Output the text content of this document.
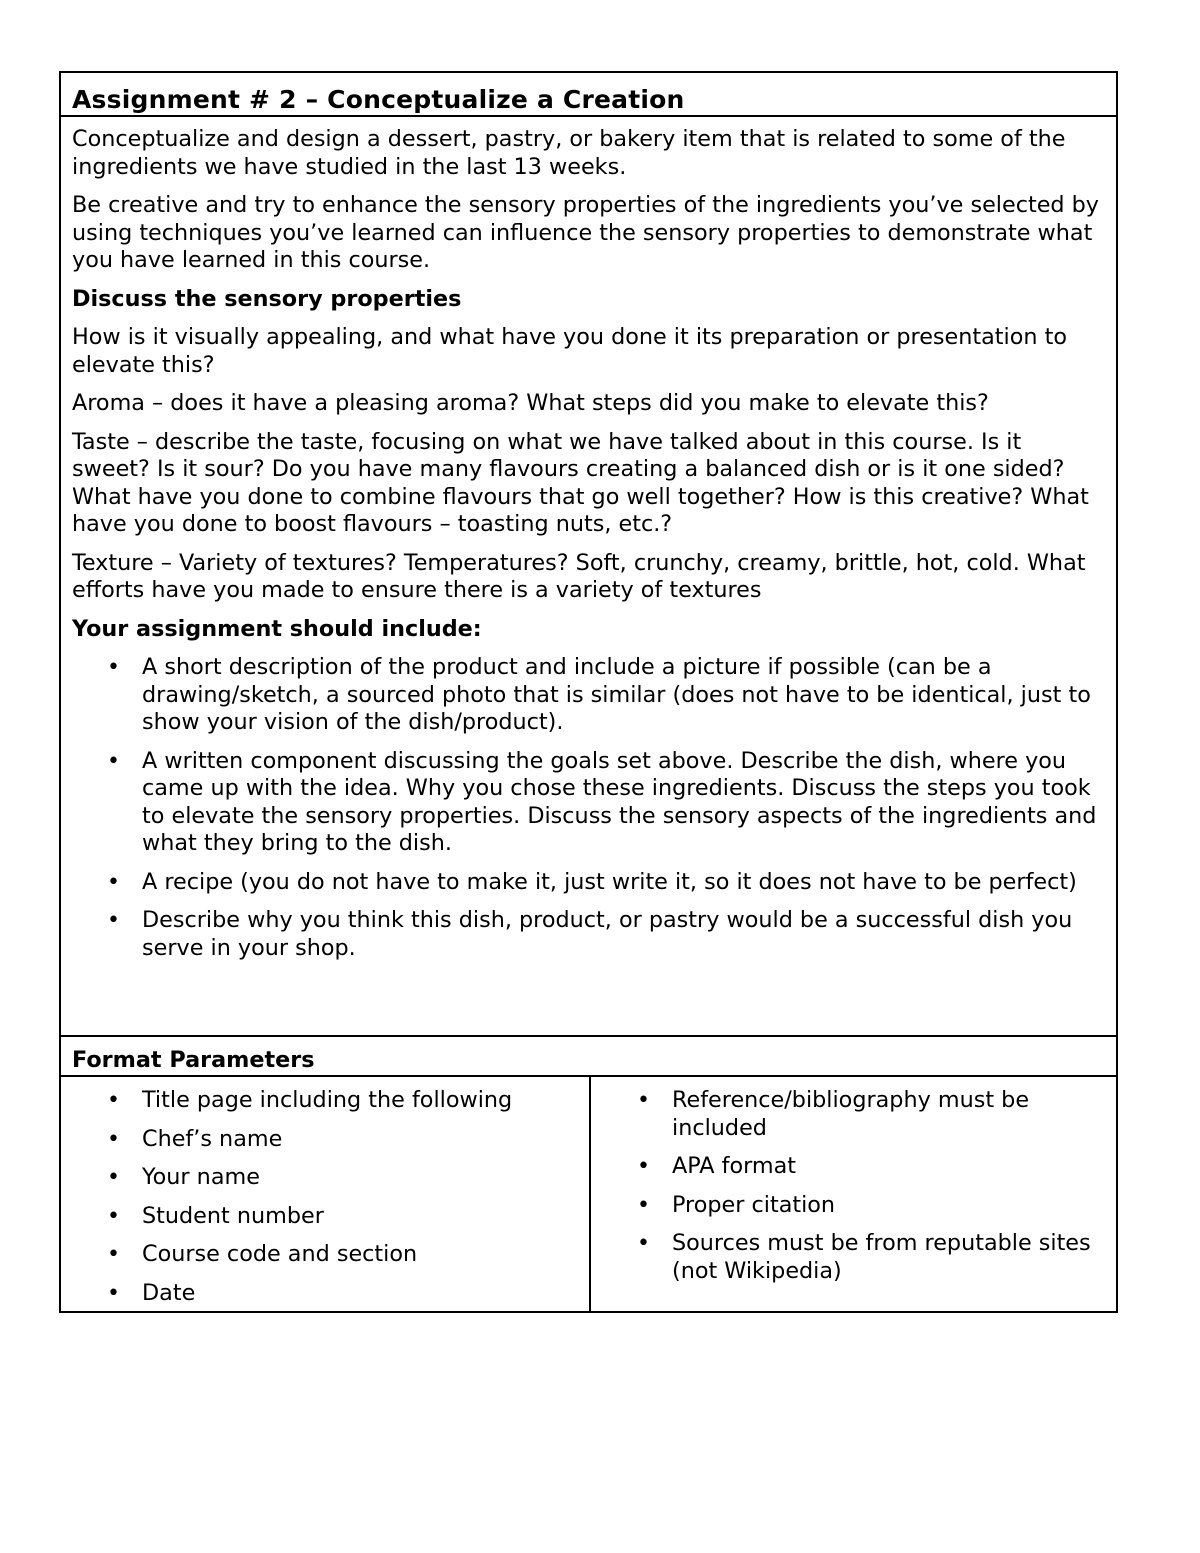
Assignment # 2 – Conceptualize a Creation

Conceptualize and design a dessert, pastry, or bakery item that is related to some of the ingredients we have studied in the last 13 weeks.

Be creative and try to enhance the sensory properties of the ingredients you’ve selected by using techniques you’ve learned can influence the sensory properties to demonstrate what you have learned in this course.

Discuss the sensory properties

How is it visually appealing, and what have you done it its preparation or presentation to elevate this?

Aroma – does it have a pleasing aroma? What steps did you make to elevate this?

Taste – describe the taste, focusing on what we have talked about in this course. Is it sweet? Is it sour? Do you have many flavours creating a balanced dish or is it one sided? What have you done to combine flavours that go well together? How is this creative? What have you done to boost flavours – toasting nuts, etc.?

Texture – Variety of textures? Temperatures? Soft, crunchy, creamy, brittle, hot, cold. What efforts have you made to ensure there is a variety of textures

Your assignment should include:

• A short description of the product and include a picture if possible (can be a drawing/sketch, a sourced photo that is similar (does not have to be identical, just to show your vision of the dish/product).
• A written component discussing the goals set above. Describe the dish, where you came up with the idea. Why you chose these ingredients. Discuss the steps you took to elevate the sensory properties. Discuss the sensory aspects of the ingredients and what they bring to the dish.
• A recipe (you do not have to make it, just write it, so it does not have to be perfect)
• Describe why you think this dish, product, or pastry would be a successful dish you serve in your shop.
Format Parameters
• Title page including the following
• Chef’s name
• Your name
• Student number
• Course code and section
• Date
• Reference/bibliography must be included
• APA format
• Proper citation
• Sources must be from reputable sites (not Wikipedia)
